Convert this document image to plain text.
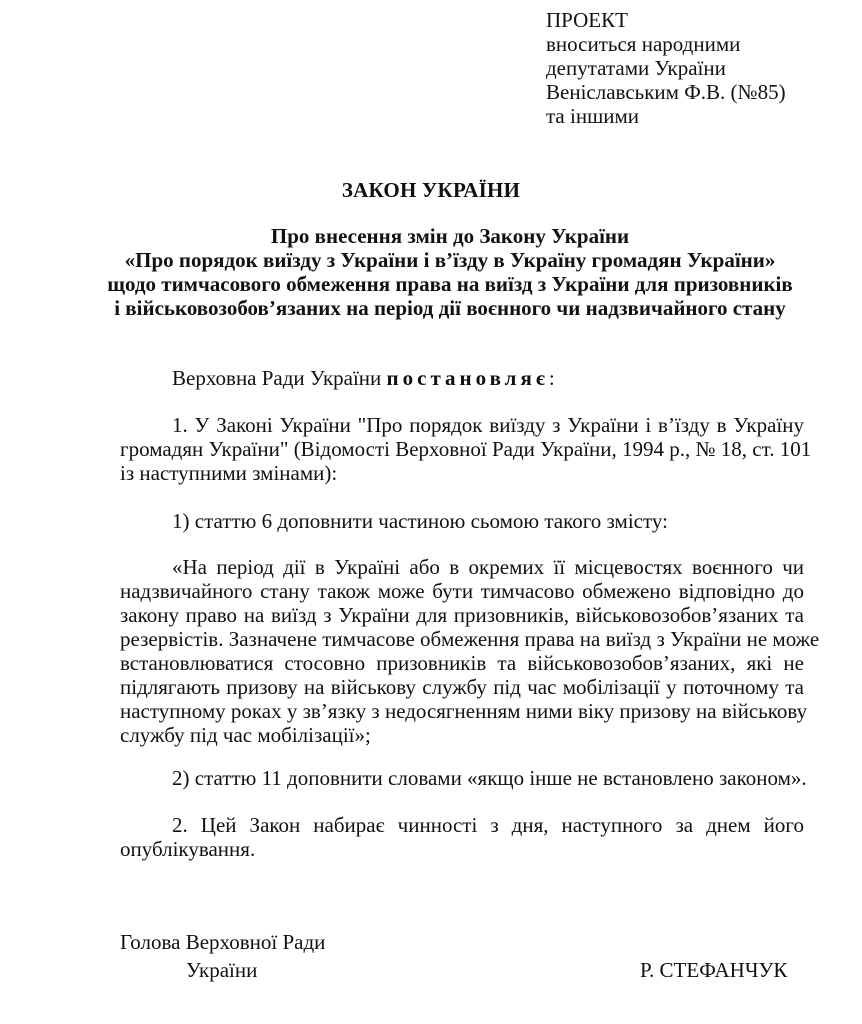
ПРОЕКТ
вноситься народними
депутатами України
Веніславським Ф.В. (№85)
та іншими
ЗАКОН УКРАЇНИ
Про внесення змін до Закону України
«Про порядок виїзду з України і в’їзду в Україну громадян України»
щодо тимчасового обмеження права на виїзд з України для призовників
і військовозобов’язаних на період дії воєнного чи надзвичайного стану
Верховна Ради України постановляє:
1. У Законі України "Про порядок виїзду з України і в’їзду в Україну
громадян України" (Відомості Верховної Ради України, 1994 р., № 18, ст. 101
із наступними змінами):
1) статтю 6 доповнити частиною сьомою такого змісту:
«На період дії в Україні або в окремих її місцевостях воєнного чи
надзвичайного стану також може бути тимчасово обмежено відповідно до
закону право на виїзд з України для призовників, військовозобов’язаних та
резервістів. Зазначене тимчасове обмеження права на виїзд з України не може
встановлюватися стосовно призовників та військовозобов’язаних, які не
підлягають призову на військову службу під час мобілізації у поточному та
наступному роках у зв’язку з недосягненням ними віку призову на військову
службу під час мобілізації»;
2) статтю 11 доповнити словами «якщо інше не встановлено законом».
2. Цей Закон набирає чинності з дня, наступного за днем його
опублікування.
Голова Верховної Ради
України	Р. СТЕФАНЧУК
